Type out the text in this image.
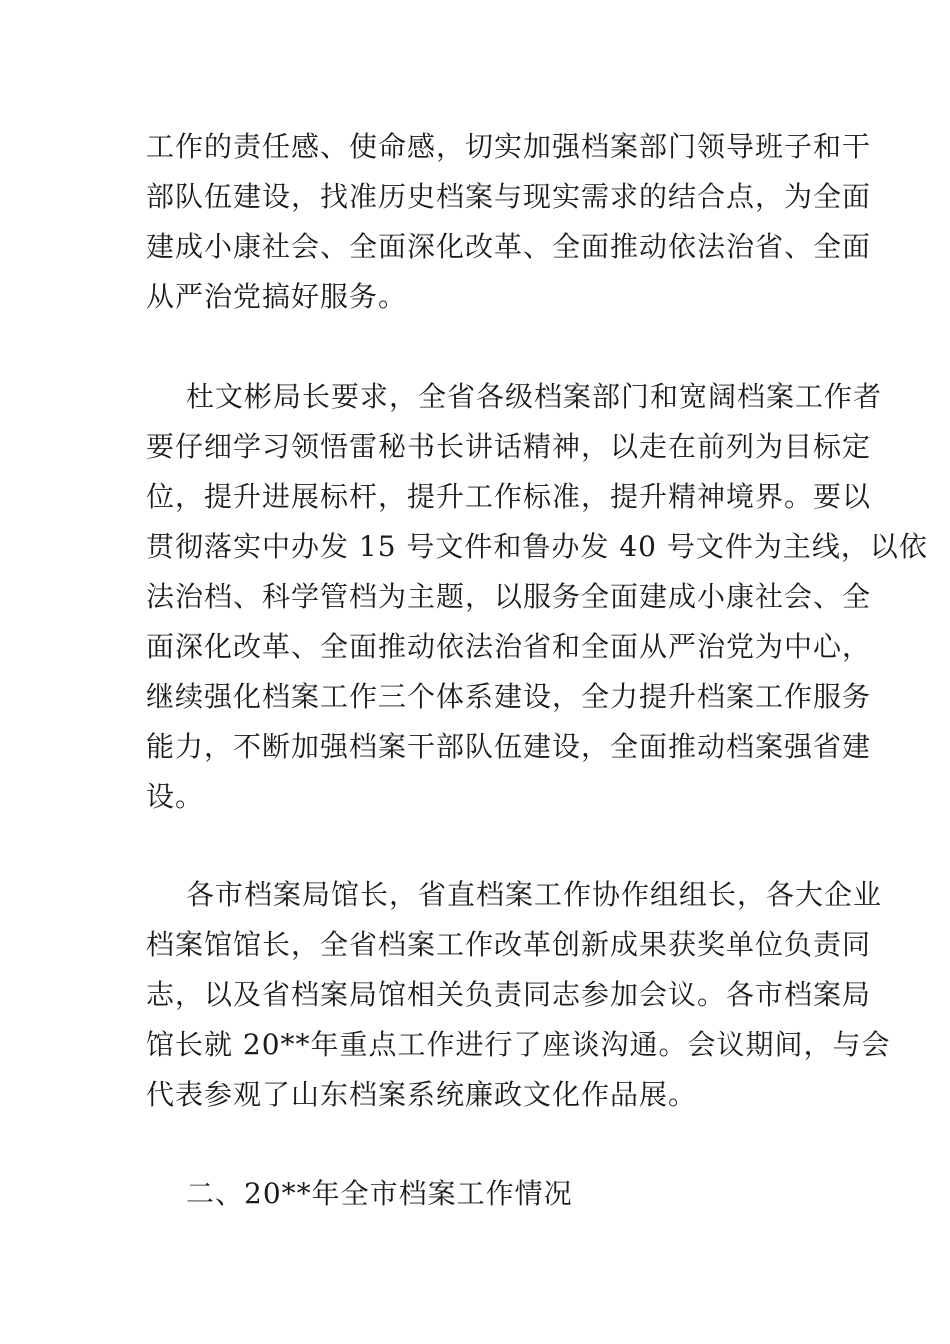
工作的责任感、使命感，切实加强档案部门领导班子和干
部队伍建设，找准历史档案与现实需求的结合点，为全面
建成小康社会、全面深化改革、全面推动依法治省、全面
从严治党搞好服务。
杜文彬局长要求，全省各级档案部门和宽阔档案工作者
要仔细学习领悟雷秘书长讲话精神，以走在前列为目标定
位，提升进展标杆，提升工作标准，提升精神境界。要以
贯彻落实中办发 15 号文件和鲁办发 40 号文件为主线，以依
法治档、科学管档为主题，以服务全面建成小康社会、全
面深化改革、全面推动依法治省和全面从严治党为中心，
继续强化档案工作三个体系建设，全力提升档案工作服务
能力，不断加强档案干部队伍建设，全面推动档案强省建
设。
各市档案局馆长，省直档案工作协作组组长，各大企业
档案馆馆长，全省档案工作改革创新成果获奖单位负责同
志，以及省档案局馆相关负责同志参加会议。各市档案局
馆长就 20**年重点工作进行了座谈沟通。会议期间，与会
代表参观了山东档案系统廉政文化作品展。
二、20**年全市档案工作情况
